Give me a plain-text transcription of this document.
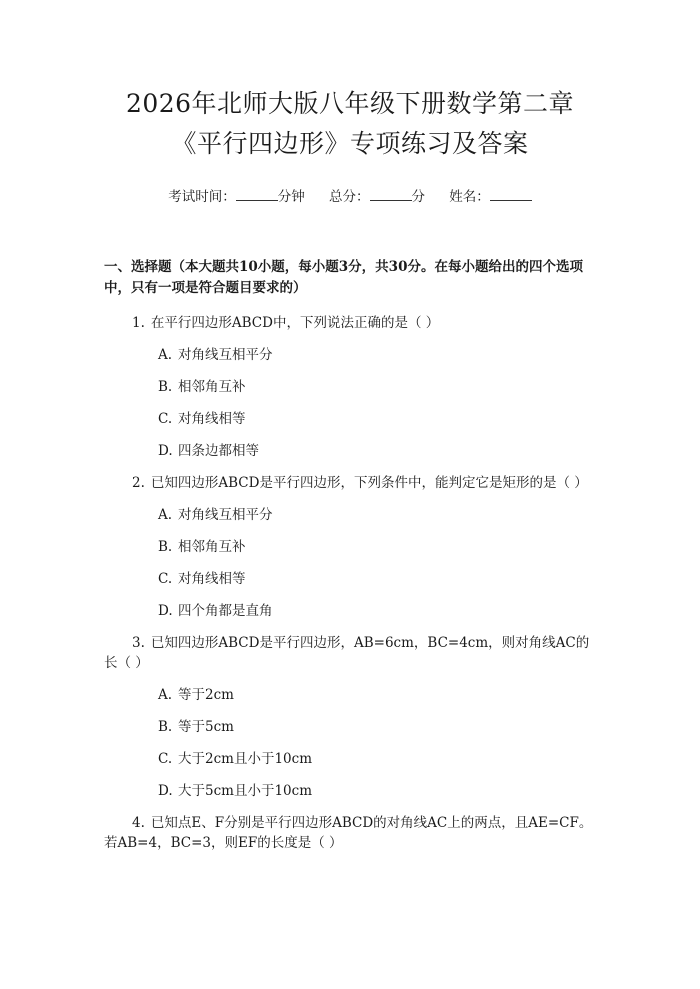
2026年北师大版八年级下册数学第二章《平行四边形》专项练习及答案
考试时间：	分钟 总分：	分 姓名：
一、选择题（本大题共10小题，每小题3分，共30分。在每小题给出的四个选项中，只有一项是符合题目要求的）
1. 在平行四边形ABCD中，下列说法正确的是（ ）
A. 对角线互相平分
B. 相邻角互补
C. 对角线相等
D. 四条边都相等
2. 已知四边形ABCD是平行四边形，下列条件中，能判定它是矩形的是（ ）
A. 对角线互相平分
B. 相邻角互补
C. 对角线相等
D. 四个角都是直角
3. 已知四边形ABCD是平行四边形，AB=6cm，BC=4cm，则对角线AC的长（ ）
A. 等于2cm
B. 等于5cm
C. 大于2cm且小于10cm
D. 大于5cm且小于10cm
4. 已知点E、F分别是平行四边形ABCD的对角线AC上的两点，且AE=CF。若AB=4，BC=3，则EF的长度是（ ）
